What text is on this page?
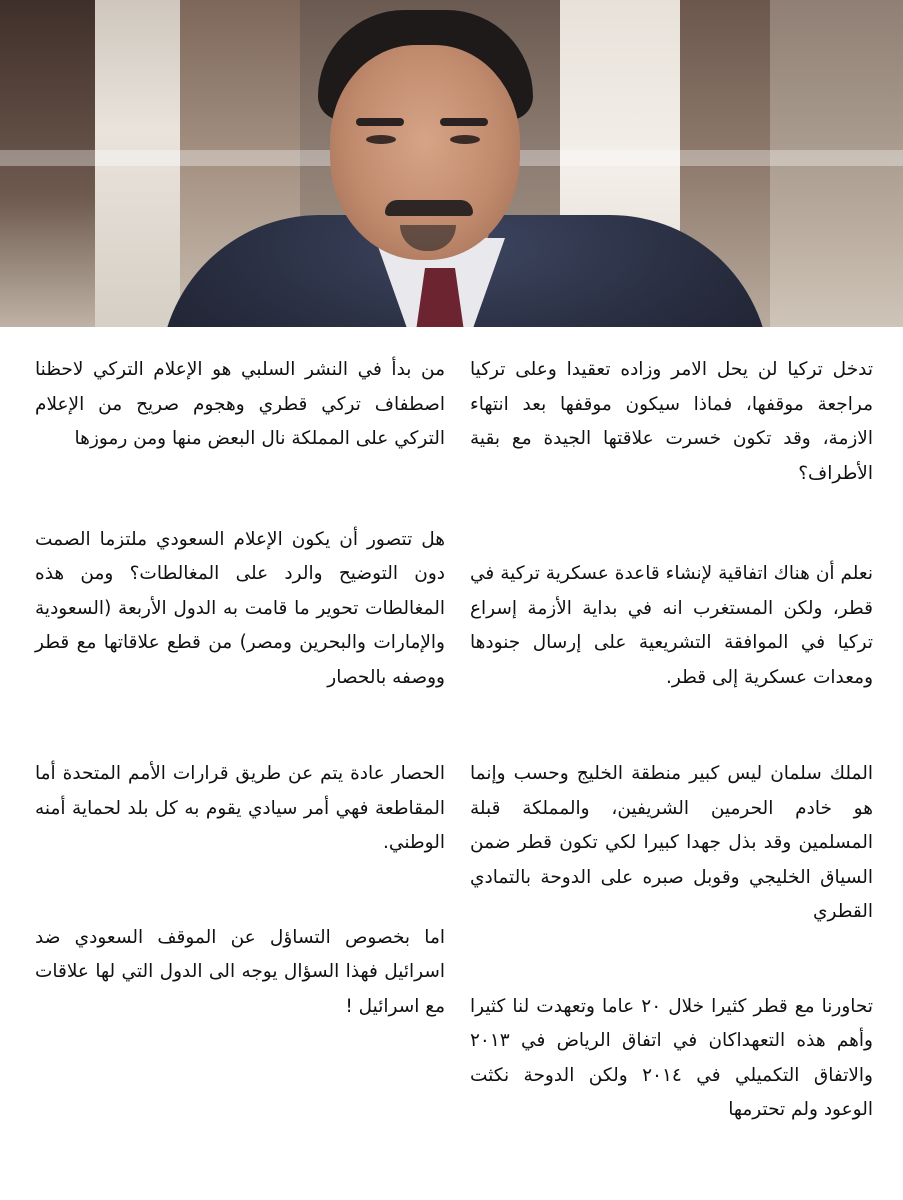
تدخل تركيا لن يحل الامر وزاده تعقيدا وعلى تركيا مراجعة موقفها، فماذا سيكون موقفها بعد انتهاء الازمة، وقد تكون خسرت علاقتها الجيدة مع بقية الأطراف؟

نعلم أن هناك اتفاقية لإنشاء قاعدة عسكرية تركية في قطر، ولكن المستغرب انه في بداية الأزمة إسراع تركيا في الموافقة التشريعية على إرسال جنودها ومعدات عسكرية إلى قطر.

الملك سلمان ليس كبير منطقة الخليج وحسب وإنما هو خادم الحرمين الشريفين، والمملكة قبلة المسلمين وقد بذل جهدا كبيرا لكي تكون قطر ضمن السياق الخليجي وقوبل صبره على الدوحة بالتمادي القطري

تحاورنا مع قطر كثيرا خلال ٢٠ عاما وتعهدت لنا كثيرا وأهم هذه التعهداكان في اتفاق الرياض في ٢٠١٣ والاتفاق التكميلي في ٢٠١٤ ولكن الدوحة نكثت الوعود ولم تحترمها

من بدأ في النشر السلبي هو الإعلام التركي لاحظنا اصطفاف تركي قطري وهجوم صريح من الإعلام التركي على المملكة نال البعض منها ومن رموزها

هل تتصور أن يكون الإعلام السعودي ملتزما الصمت دون التوضيح والرد على المغالطات؟ ومن هذه المغالطات تحوير ما قامت به الدول الأربعة (السعودية والإمارات والبحرين ومصر) من قطع علاقاتها مع قطر ووصفه بالحصار

الحصار عادة يتم عن طريق قرارات الأمم المتحدة أما المقاطعة فهي أمر سيادي يقوم به كل بلد لحماية أمنه الوطني.

اما بخصوص التساؤل عن الموقف السعودي ضد اسرائيل فهذا السؤال يوجه الى الدول التي لها علاقات مع اسرائيل !
